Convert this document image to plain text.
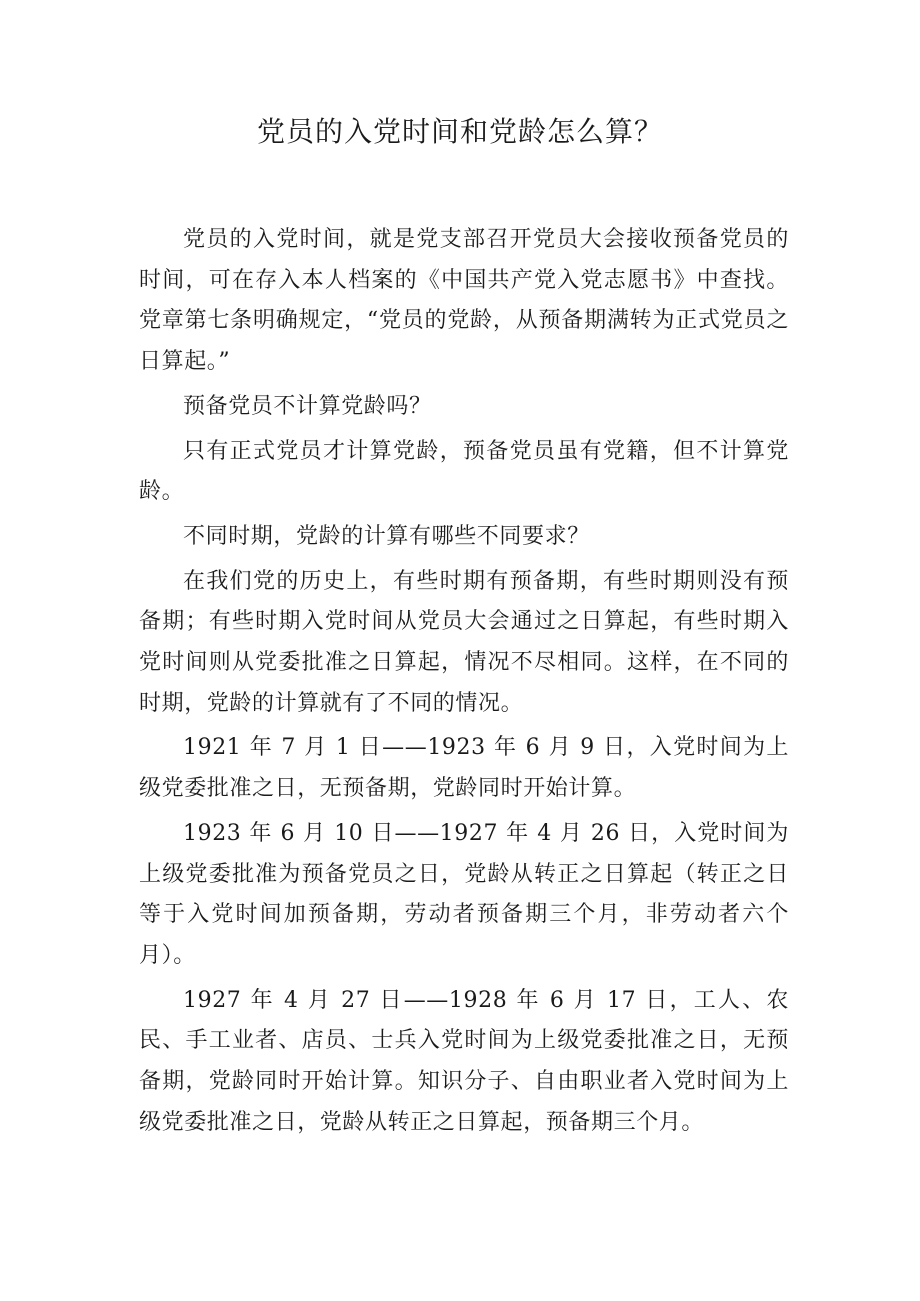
党员的入党时间和党龄怎么算？

党员的入党时间，就是党支部召开党员大会接收预备党员的时间，可在存入本人档案的《中国共产党入党志愿书》中查找。党章第七条明确规定，“党员的党龄，从预备期满转为正式党员之日算起。”

预备党员不计算党龄吗？

只有正式党员才计算党龄，预备党员虽有党籍，但不计算党龄。

不同时期，党龄的计算有哪些不同要求？

在我们党的历史上，有些时期有预备期，有些时期则没有预备期；有些时期入党时间从党员大会通过之日算起，有些时期入党时间则从党委批准之日算起，情况不尽相同。这样，在不同的时期，党龄的计算就有了不同的情况。

1921 年 7 月 1 日——1923 年 6 月 9 日，入党时间为上级党委批准之日，无预备期，党龄同时开始计算。

1923 年 6 月 10 日——1927 年 4 月 26 日，入党时间为上级党委批准为预备党员之日，党龄从转正之日算起（转正之日等于入党时间加预备期，劳动者预备期三个月，非劳动者六个月）。

1927 年 4 月 27 日——1928 年 6 月 17 日，工人、农民、手工业者、店员、士兵入党时间为上级党委批准之日，无预备期，党龄同时开始计算。知识分子、自由职业者入党时间为上级党委批准之日，党龄从转正之日算起，预备期三个月。
